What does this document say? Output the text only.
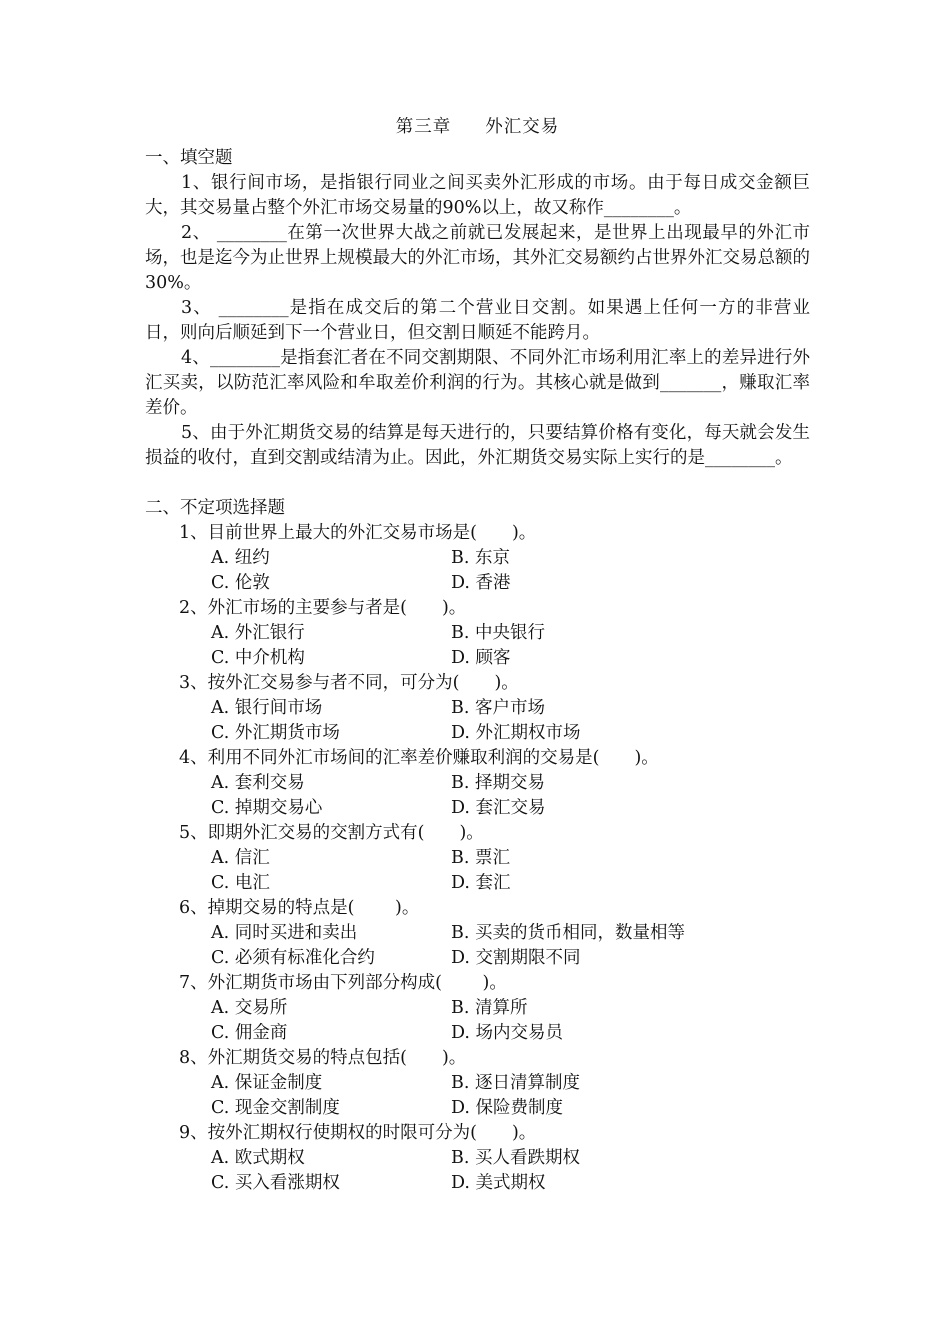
第三章 外汇交易
一、填空题
1、银行间市场，是指银行同业之间买卖外汇形成的市场。由于每日成交金额巨大，其交易量占整个外汇市场交易量的90%以上，故又称作________。
2、 ________在第一次世界大战之前就已发展起来，是世界上出现最早的外汇市场，也是迄今为止世界上规模最大的外汇市场，其外汇交易额约占世界外汇交易总额的 30%。
3、 ________是指在成交后的第二个营业日交割。如果遇上任何一方的非营业日，则向后顺延到下一个营业日，但交割日顺延不能跨月。
4、________是指套汇者在不同交割期限、不同外汇市场利用汇率上的差异进行外汇买卖，以防范汇率风险和牟取差价利润的行为。其核心就是做到_______，赚取汇率差价。
5、由于外汇期货交易的结算是每天进行的，只要结算价格有变化，每天就会发生损益的收付，直到交割或结清为止。因此，外汇期货交易实际上实行的是________。
二、不定项选择题
1、目前世界上最大的外汇交易市场是(　　)。
A. 纽约	B. 东京
C. 伦敦	D. 香港
2、外汇市场的主要参与者是(　　)。
A. 外汇银行	B. 中央银行
C. 中介机构	D. 顾客
3、按外汇交易参与者不同，可分为(　　)。
A. 银行间市场	B. 客户市场
C. 外汇期货市场	D. 外汇期权市场
4、利用不同外汇市场间的汇率差价赚取利润的交易是(　　)。
A. 套利交易	B. 择期交易
C. 掉期交易心	D. 套汇交易
5、即期外汇交易的交割方式有(　　)。
A. 信汇	B. 票汇
C. 电汇	D. 套汇
6、掉期交易的特点是(　　 )。
A. 同时买进和卖出	B. 买卖的货币相同，数量相等
C. 必须有标准化合约	D. 交割期限不同
7、外汇期货市场由下列部分构成(　　 )。
A. 交易所	B. 清算所
C. 佣金商	D. 场内交易员
8、外汇期货交易的特点包括(　　)。
A. 保证金制度	B. 逐日清算制度
C. 现金交割制度	D. 保险费制度
9、按外汇期权行使期权的时限可分为(　　)。
A. 欧式期权	B. 买人看跌期权
C. 买入看涨期权	D. 美式期权
